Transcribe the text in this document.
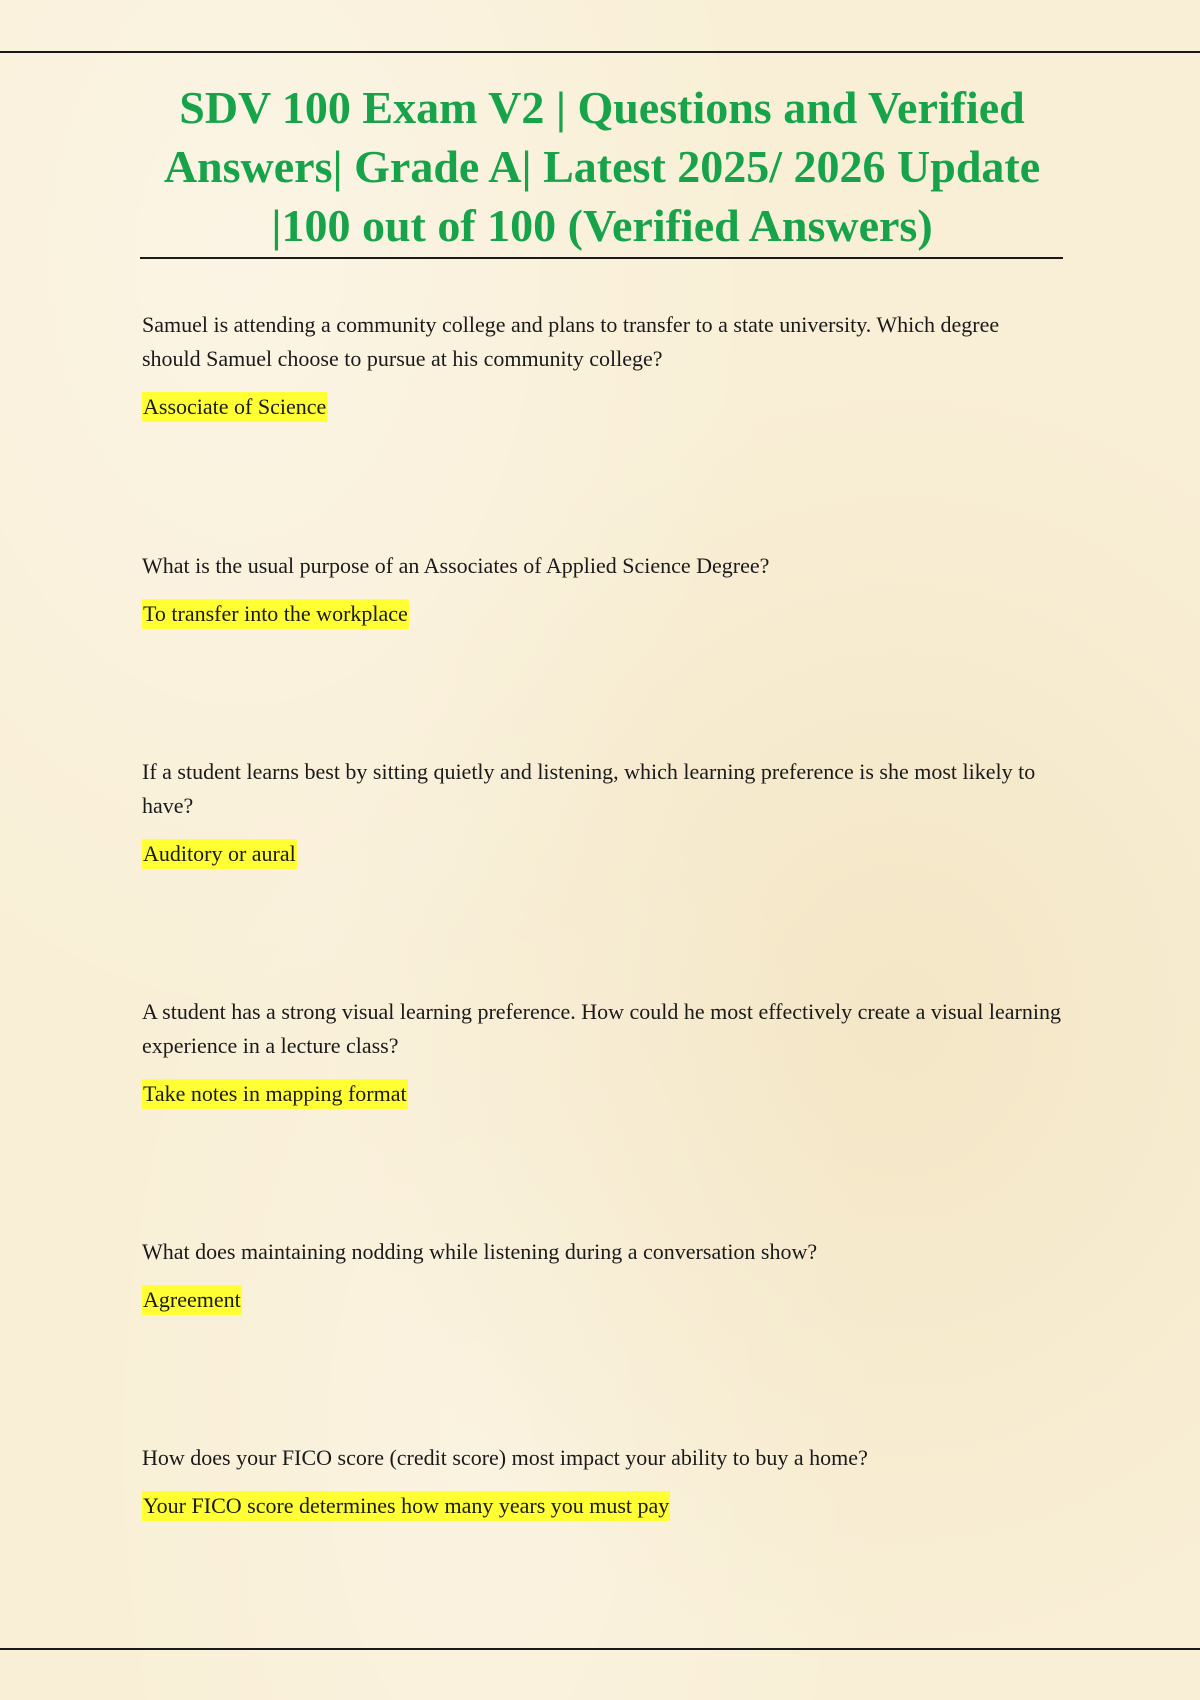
SDV 100 Exam V2 | Questions and Verified Answers| Grade A| Latest 2025/ 2026 Update |100 out of 100 (Verified Answers)

Samuel is attending a community college and plans to transfer to a state university. Which degree should Samuel choose to pursue at his community college?

Associate of Science

What is the usual purpose of an Associates of Applied Science Degree?

To transfer into the workplace

If a student learns best by sitting quietly and listening, which learning preference is she most likely to have?

Auditory or aural

A student has a strong visual learning preference. How could he most effectively create a visual learning experience in a lecture class?

Take notes in mapping format

What does maintaining nodding while listening during a conversation show?

Agreement

How does your FICO score (credit score) most impact your ability to buy a home?

Your FICO score determines how many years you must pay
